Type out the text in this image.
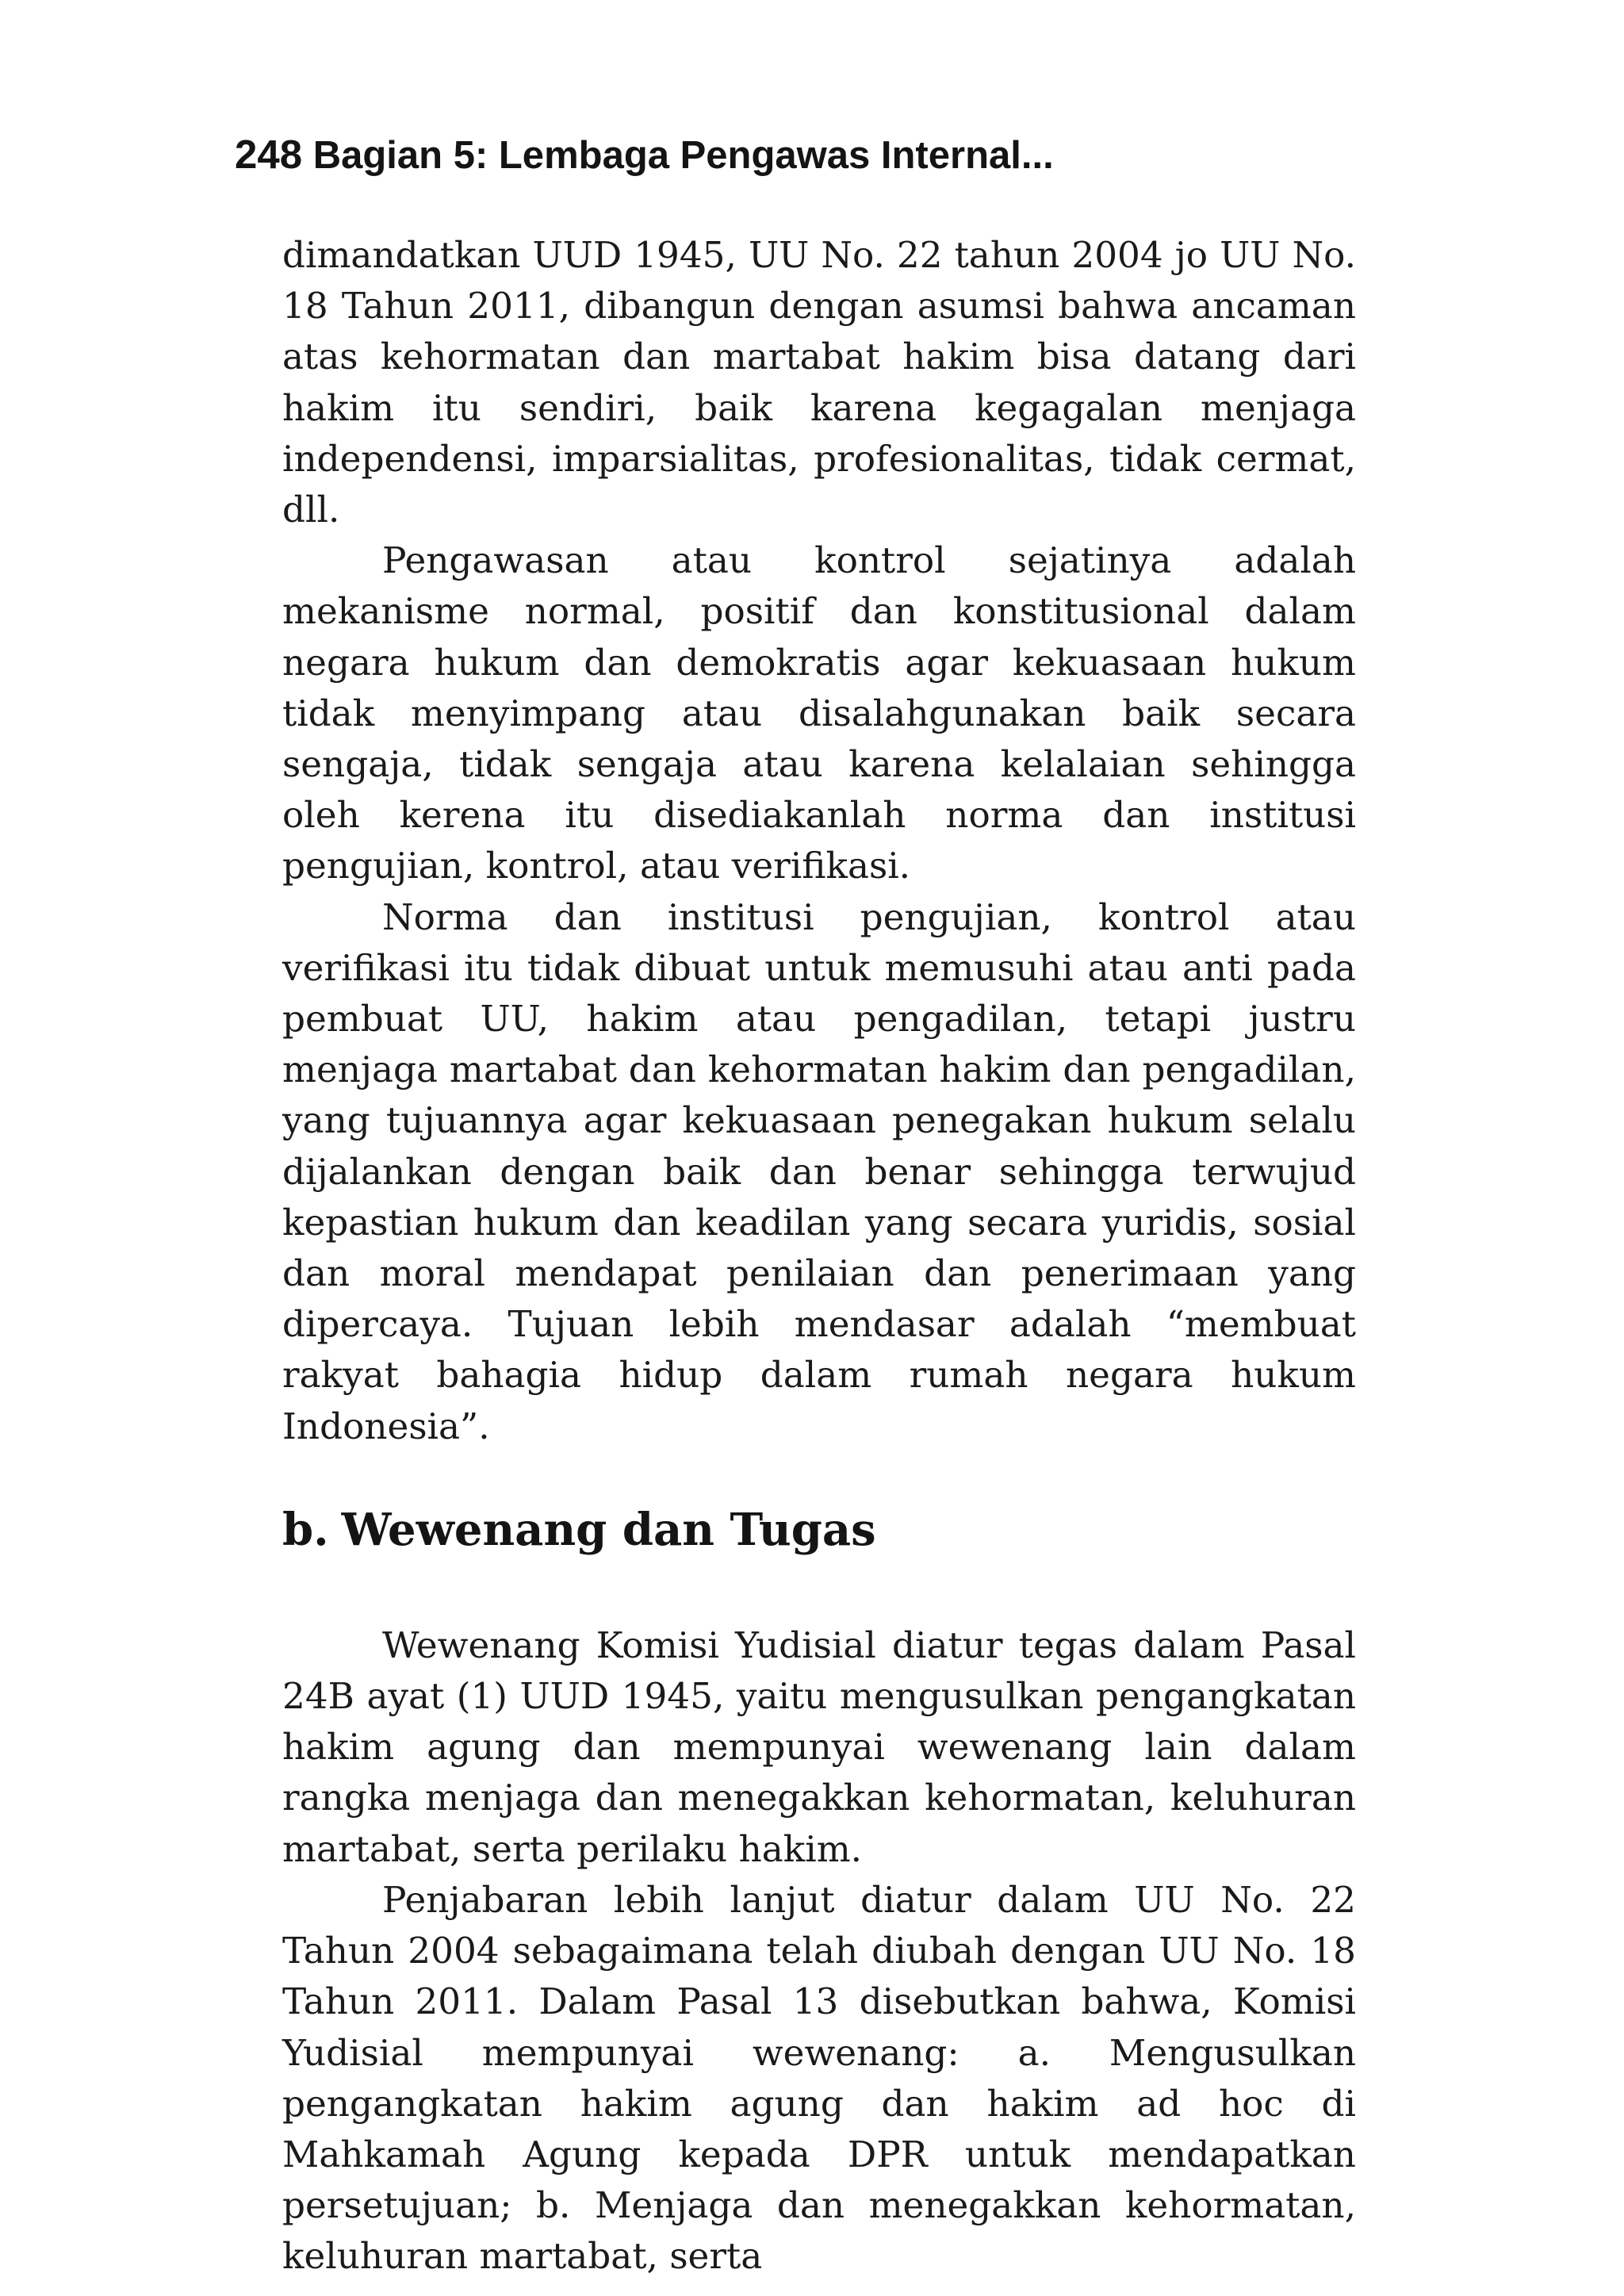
248 Bagian 5: Lembaga Pengawas Internal...

dimandatkan UUD 1945, UU No. 22 tahun 2004 jo UU No. 18 Tahun 2011, dibangun dengan asumsi bahwa ancaman atas kehormatan dan martabat hakim bisa datang dari hakim itu sendiri, baik karena kegagalan menjaga independensi, imparsialitas, profesionalitas, tidak cermat, dll.

Pengawasan atau kontrol sejatinya adalah mekanisme normal, positif dan konstitusional dalam negara hukum dan demokratis agar kekuasaan hukum tidak menyimpang atau disalahgunakan baik secara sengaja, tidak sengaja atau karena kelalaian sehingga oleh kerena itu disediakanlah norma dan institusi pengujian, kontrol, atau verifikasi.

Norma dan institusi pengujian, kontrol atau verifikasi itu tidak dibuat untuk memusuhi atau anti pada pembuat UU, hakim atau pengadilan, tetapi justru menjaga martabat dan kehormatan hakim dan pengadilan, yang tujuannya agar kekuasaan penegakan hukum selalu dijalankan dengan baik dan benar sehingga terwujud kepastian hukum dan keadilan yang secara yuridis, sosial dan moral mendapat penilaian dan penerimaan yang dipercaya. Tujuan lebih mendasar adalah “membuat rakyat bahagia hidup dalam rumah negara hukum Indonesia”.

b. Wewenang dan Tugas

Wewenang Komisi Yudisial diatur tegas dalam Pasal 24B ayat (1) UUD 1945, yaitu mengusulkan pengangkatan hakim agung dan mempunyai wewenang lain dalam rangka menjaga dan menegakkan kehormatan, keluhuran martabat, serta perilaku hakim.

Penjabaran lebih lanjut diatur dalam UU No. 22 Tahun 2004 sebagaimana telah diubah dengan UU No. 18 Tahun 2011. Dalam Pasal 13 disebutkan bahwa, Komisi Yudisial mempunyai wewenang: a. Mengusulkan pengangkatan hakim agung dan hakim ad hoc di Mahkamah Agung kepada DPR untuk mendapatkan persetujuan; b. Menjaga dan menegakkan kehormatan, keluhuran martabat, serta
